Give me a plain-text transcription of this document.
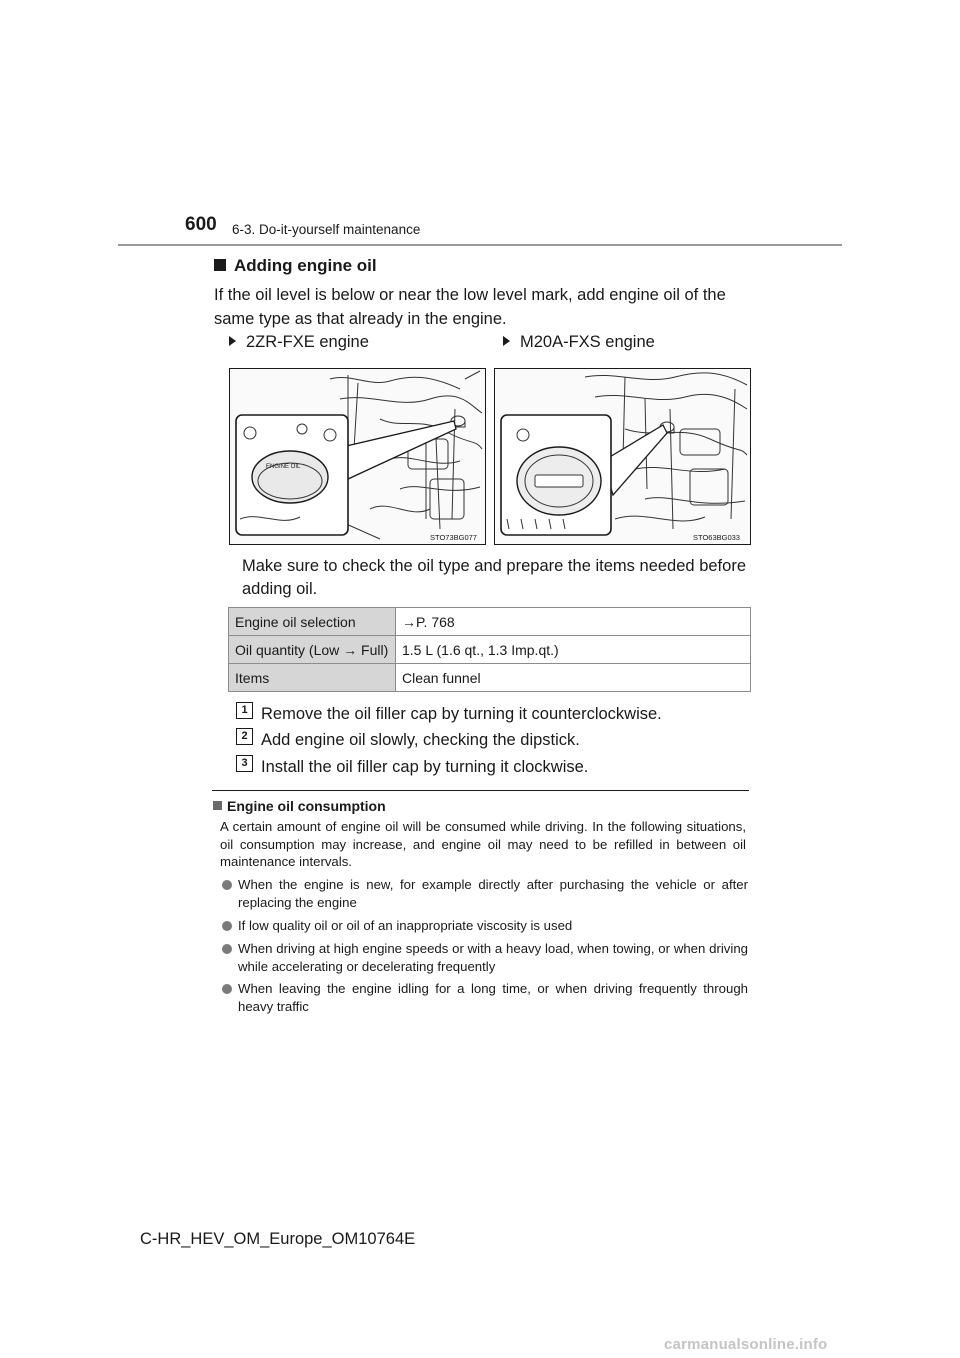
600 6-3. Do-it-yourself maintenance
Adding engine oil
If the oil level is below or near the low level mark, add engine oil of the same type as that already in the engine.
2ZR-FXE engine	M20A-FXS engine
ENGINE OIL
STO73BG077	STO63BG033
Make sure to check the oil type and prepare the items needed before adding oil.
Engine oil selection	→P. 768
Oil quantity (Low → Full)	1.5 L (1.6 qt., 1.3 Imp.qt.)
Items	Clean funnel
1 Remove the oil filler cap by turning it counterclockwise.
2 Add engine oil slowly, checking the dipstick.
3 Install the oil filler cap by turning it clockwise.
Engine oil consumption
A certain amount of engine oil will be consumed while driving. In the following situations, oil consumption may increase, and engine oil may need to be refilled in between oil maintenance intervals.
When the engine is new, for example directly after purchasing the vehicle or after replacing the engine
If low quality oil or oil of an inappropriate viscosity is used
When driving at high engine speeds or with a heavy load, when towing, or when driving while accelerating or decelerating frequently
When leaving the engine idling for a long time, or when driving frequently through heavy traffic
C-HR_HEV_OM_Europe_OM10764E
carmanualsonline.info
